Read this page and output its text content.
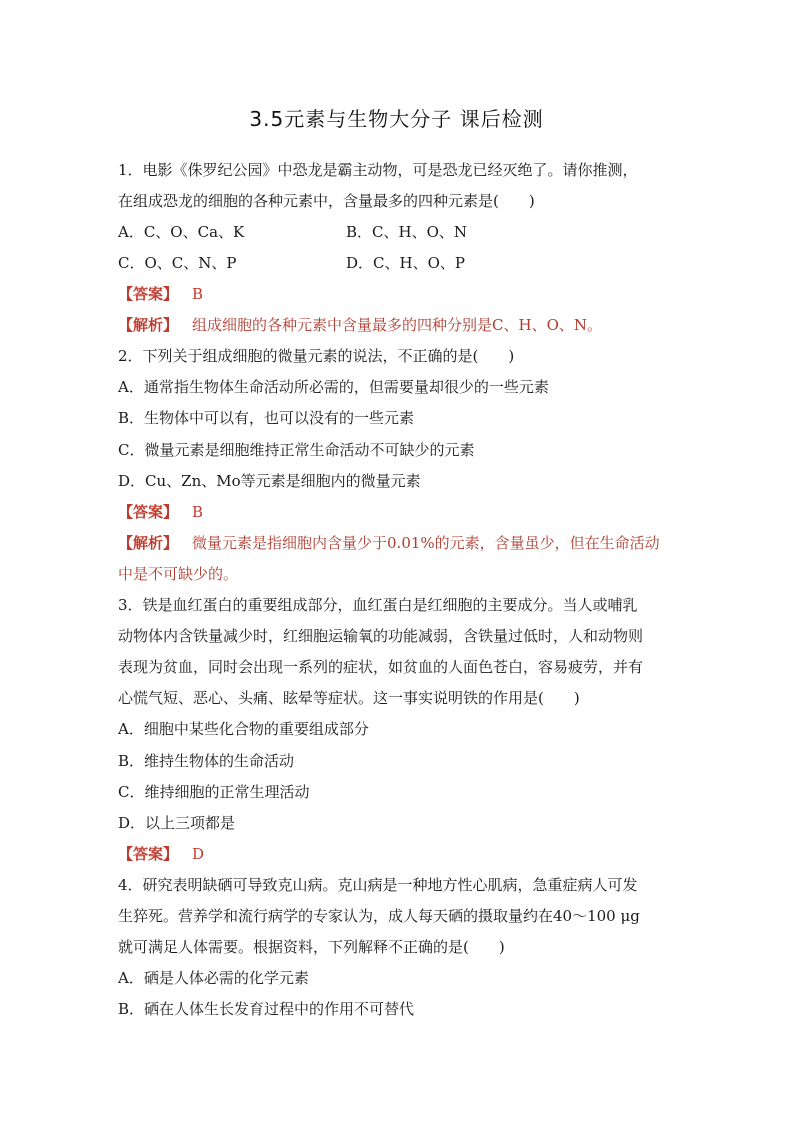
3.5元素与生物大分子 课后检测
1．电影《侏罗纪公园》中恐龙是霸主动物，可是恐龙已经灭绝了。请你推测，
在组成恐龙的细胞的各种元素中，含量最多的四种元素是(　　)
A．C、O、Ca、K	B．C、H、O、N
C．O、C、N、P	D．C、H、O、P
【答案】 B
【解析】 组成细胞的各种元素中含量最多的四种分别是C、H、O、N。
2．下列关于组成细胞的微量元素的说法，不正确的是(　　)
A．通常指生物体生命活动所必需的，但需要量却很少的一些元素
B．生物体中可以有，也可以没有的一些元素
C．微量元素是细胞维持正常生命活动不可缺少的元素
D．Cu、Zn、Mo等元素是细胞内的微量元素
【答案】 B
【解析】 微量元素是指细胞内含量少于0.01%的元素，含量虽少，但在生命活动
中是不可缺少的。
3．铁是血红蛋白的重要组成部分，血红蛋白是红细胞的主要成分。当人或哺乳
动物体内含铁量减少时，红细胞运输氧的功能减弱，含铁量过低时，人和动物则
表现为贫血，同时会出现一系列的症状，如贫血的人面色苍白，容易疲劳，并有
心慌气短、恶心、头痛、眩晕等症状。这一事实说明铁的作用是(　　)
A．细胞中某些化合物的重要组成部分
B．维持生物体的生命活动
C．维持细胞的正常生理活动
D．以上三项都是
【答案】 D
4．研究表明缺硒可导致克山病。克山病是一种地方性心肌病，急重症病人可发
生猝死。营养学和流行病学的专家认为，成人每天硒的摄取量约在40～100 μg
就可满足人体需要。根据资料，下列解释不正确的是(　　)
A．硒是人体必需的化学元素
B．硒在人体生长发育过程中的作用不可替代
